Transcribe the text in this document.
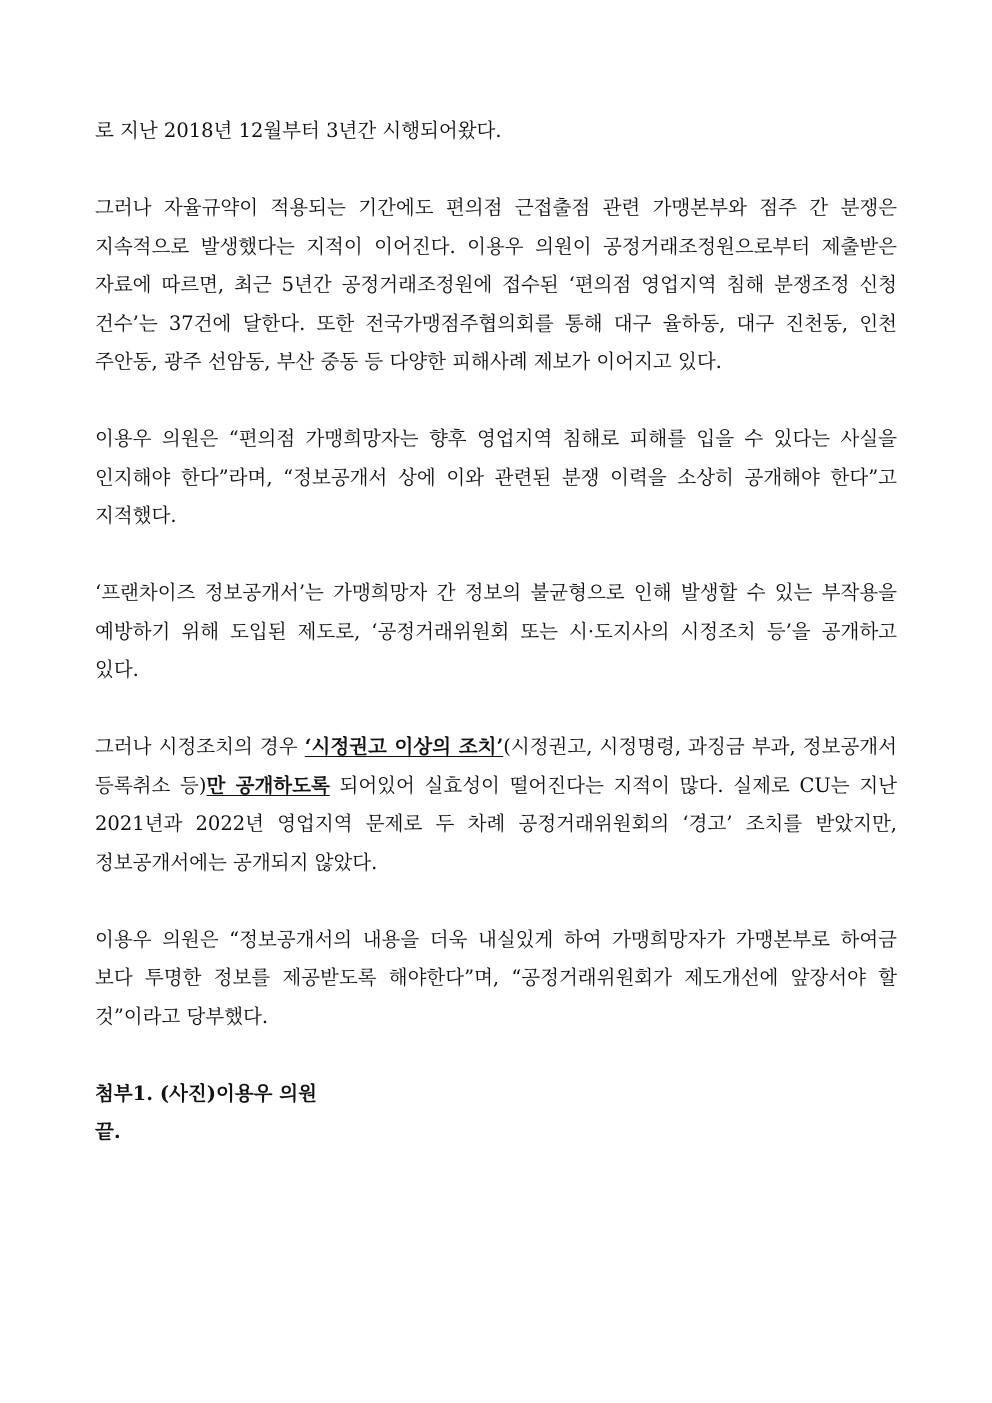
로 지난 2018년 12월부터 3년간 시행되어왔다.

그러나 자율규약이 적용되는 기간에도 편의점 근접출점 관련 가맹본부와 점주 간 분쟁은 지속적으로 발생했다는 지적이 이어진다. 이용우 의원이 공정거래조정원으로부터 제출받은 자료에 따르면, 최근 5년간 공정거래조정원에 접수된 ‘편의점 영업지역 침해 분쟁조정 신청 건수’는 37건에 달한다. 또한 전국가맹점주협의회를 통해 대구 율하동, 대구 진천동, 인천 주안동, 광주 선암동, 부산 중동 등 다양한 피해사례 제보가 이어지고 있다.

이용우 의원은 “편의점 가맹희망자는 향후 영업지역 침해로 피해를 입을 수 있다는 사실을 인지해야 한다”라며, “정보공개서 상에 이와 관련된 분쟁 이력을 소상히 공개해야 한다”고 지적했다.

‘프랜차이즈 정보공개서’는 가맹희망자 간 정보의 불균형으로 인해 발생할 수 있는 부작용을 예방하기 위해 도입된 제도로, ‘공정거래위원회 또는 시·도지사의 시정조치 등’을 공개하고 있다.

그러나 시정조치의 경우 ‘시정권고 이상의 조치’(시정권고, 시정명령, 과징금 부과, 정보공개서 등록취소 등)만 공개하도록 되어있어 실효성이 떨어진다는 지적이 많다. 실제로 CU는 지난 2021년과 2022년 영업지역 문제로 두 차례 공정거래위원회의 ‘경고’ 조치를 받았지만, 정보공개서에는 공개되지 않았다.

이용우 의원은 “정보공개서의 내용을 더욱 내실있게 하여 가맹희망자가 가맹본부로 하여금 보다 투명한 정보를 제공받도록 해야한다”며, “공정거래위원회가 제도개선에 앞장서야 할 것”이라고 당부했다.

첨부1. (사진)이용우 의원

끝.
